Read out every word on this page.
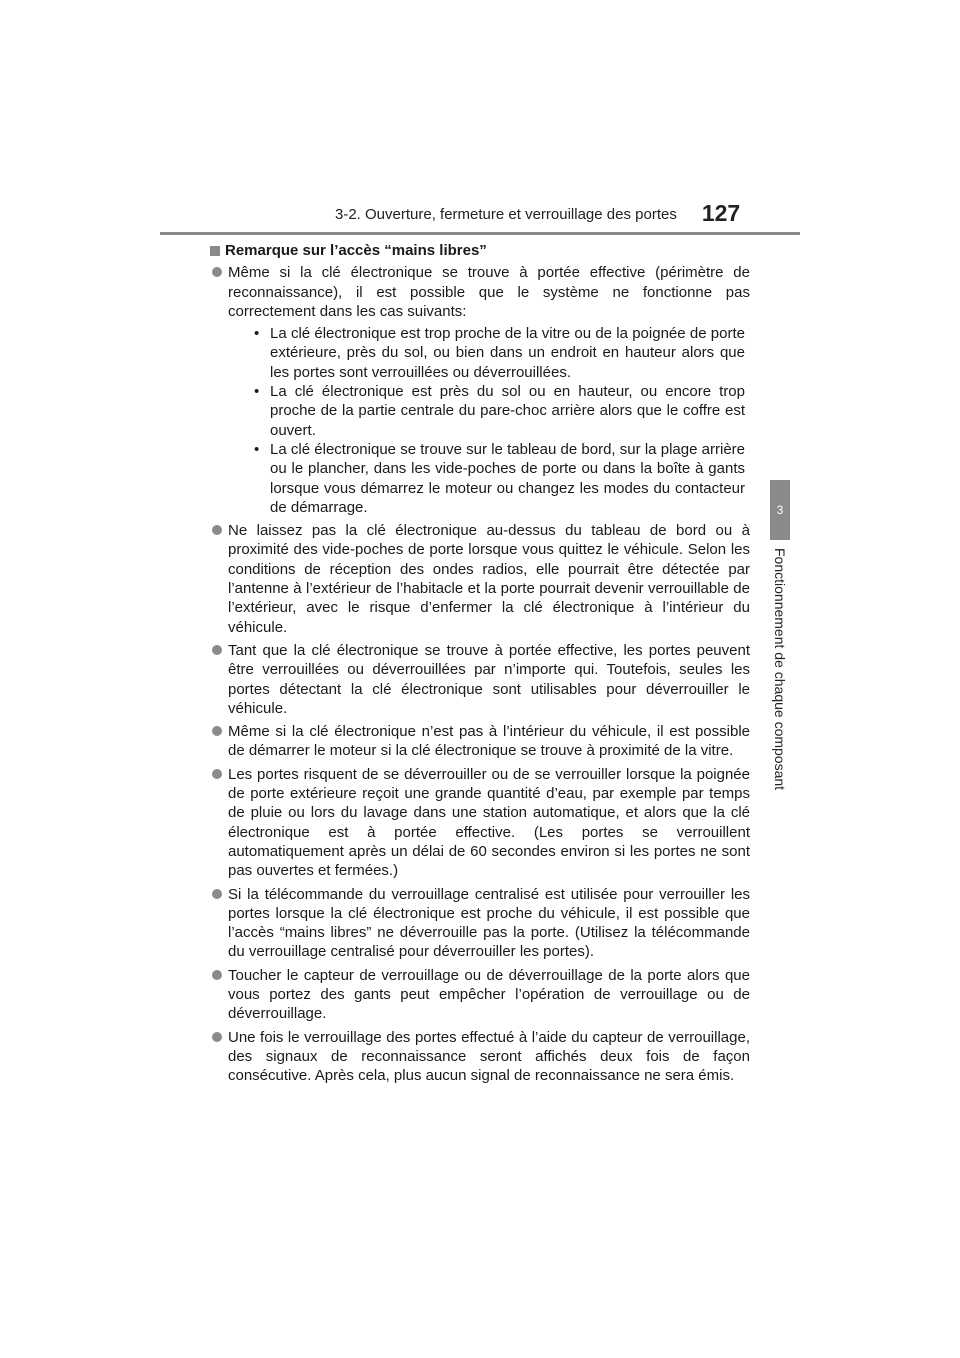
3-2. Ouverture, fermeture et verrouillage des portes	127
3
Fonctionnement de chaque composant
Remarque sur l’accès “mains libres”
Même si la clé électronique se trouve à portée effective (périmètre de reconnaissance), il est possible que le système ne fonctionne pas correctement dans les cas suivants:
• La clé électronique est trop proche de la vitre ou de la poignée de porte extérieure, près du sol, ou bien dans un endroit en hauteur alors que les portes sont verrouillées ou déverrouillées.
• La clé électronique est près du sol ou en hauteur, ou encore trop proche de la partie centrale du pare-choc arrière alors que le coffre est ouvert.
• La clé électronique se trouve sur le tableau de bord, sur la plage arrière ou le plancher, dans les vide-poches de porte ou dans la boîte à gants lorsque vous démarrez le moteur ou changez les modes du contacteur de démarrage.
Ne laissez pas la clé électronique au-dessus du tableau de bord ou à proximité des vide-poches de porte lorsque vous quittez le véhicule. Selon les conditions de réception des ondes radios, elle pourrait être détectée par l’antenne à l’extérieur de l’habitacle et la porte pourrait devenir verrouillable de l’extérieur, avec le risque d’enfermer la clé électronique à l’intérieur du véhicule.
Tant que la clé électronique se trouve à portée effective, les portes peuvent être verrouillées ou déverrouillées par n’importe qui. Toutefois, seules les portes détectant la clé électronique sont utilisables pour déverrouiller le véhicule.
Même si la clé électronique n’est pas à l’intérieur du véhicule, il est possible de démarrer le moteur si la clé électronique se trouve à proximité de la vitre.
Les portes risquent de se déverrouiller ou de se verrouiller lorsque la poignée de porte extérieure reçoit une grande quantité d’eau, par exemple par temps de pluie ou lors du lavage dans une station automatique, et alors que la clé électronique est à portée effective. (Les portes se verrouillent automatiquement après un délai de 60 secondes environ si les portes ne sont pas ouvertes et fermées.)
Si la télécommande du verrouillage centralisé est utilisée pour verrouiller les portes lorsque la clé électronique est proche du véhicule, il est possible que l’accès “mains libres” ne déverrouille pas la porte. (Utilisez la télécommande du verrouillage centralisé pour déverrouiller les portes).
Toucher le capteur de verrouillage ou de déverrouillage de la porte alors que vous portez des gants peut empêcher l’opération de verrouillage ou de déverrouillage.
Une fois le verrouillage des portes effectué à l’aide du capteur de verrouillage, des signaux de reconnaissance seront affichés deux fois de façon consécutive. Après cela, plus aucun signal de reconnaissance ne sera émis.
